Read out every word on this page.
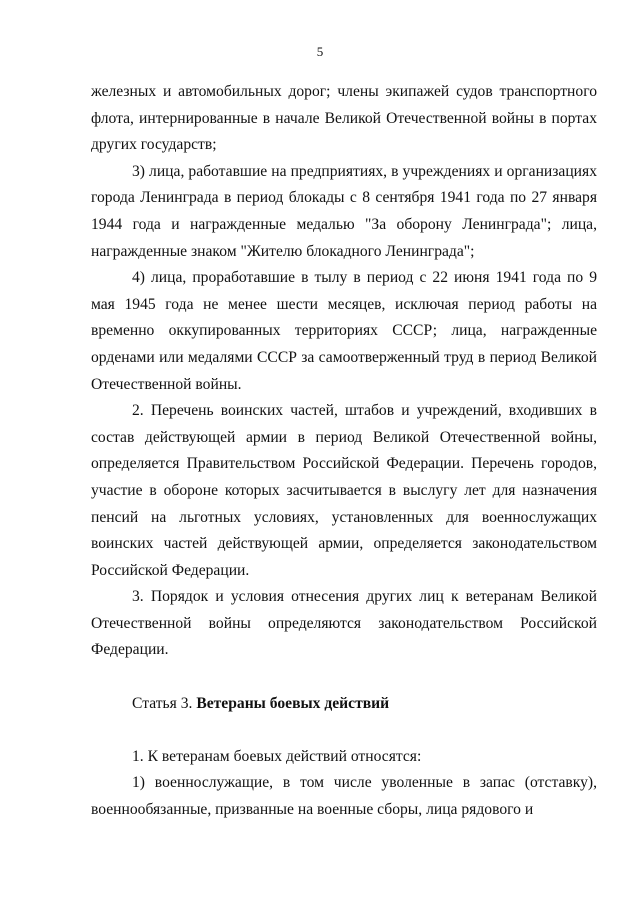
5

железных и автомобильных дорог; члены экипажей судов транспортного флота, интернированные в начале Великой Отечественной войны в портах других государств;

3) лица, работавшие на предприятиях, в учреждениях и организациях города Ленинграда в период блокады с 8 сентября 1941 года по 27 января 1944 года и награжденные медалью "За оборону Ленинграда"; лица, награжденные знаком "Жителю блокадного Ленинграда";

4) лица, проработавшие в тылу в период с 22 июня 1941 года по 9 мая 1945 года не менее шести месяцев, исключая период работы на временно оккупированных территориях СССР; лица, награжденные орденами или медалями СССР за самоотверженный труд в период Великой Отечественной войны.

2. Перечень воинских частей, штабов и учреждений, входивших в состав действующей армии в период Великой Отечественной войны, определяется Правительством Российской Федерации. Перечень городов, участие в обороне которых засчитывается в выслугу лет для назначения пенсий на льготных условиях, установленных для военнослужащих воинских частей действующей армии, определяется законодательством Российской Федерации.

3. Порядок и условия отнесения других лиц к ветеранам Великой Отечественной войны определяются законодательством Российской Федерации.

Статья 3. Ветераны боевых действий

1. К ветеранам боевых действий относятся:

1) военнослужащие, в том числе уволенные в запас (отставку), военнообязанные, призванные на военные сборы, лица рядового и
